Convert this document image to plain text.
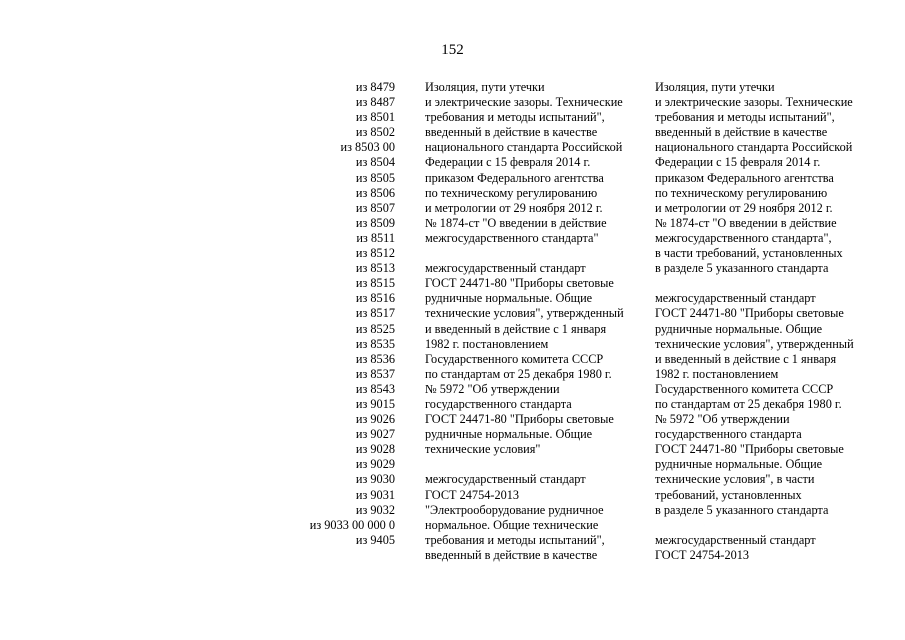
152
из 8479
из 8487
из 8501
из 8502
из 8503 00
из 8504
из 8505
из 8506
из 8507
из 8509
из 8511
из 8512
из 8513
из 8515
из 8516
из 8517
из 8525
из 8535
из 8536
из 8537
из 8543
из 9015
из 9026
из 9027
из 9028
из 9029
из 9030
из 9031
из 9032
из 9033 00 000 0
из 9405
Изоляция, пути утечки
и электрические зазоры. Технические
требования и методы испытаний",
введенный в действие в качестве
национального стандарта Российской
Федерации с 15 февраля 2014 г.
приказом Федерального агентства
по техническому регулированию
и метрологии от 29 ноября 2012 г.
№ 1874-ст "О введении в действие
межгосударственного стандарта"
межгосударственный стандарт
ГОСТ 24471-80 "Приборы световые
рудничные нормальные. Общие
технические условия", утвержденный
и введенный в действие с 1 января
1982 г. постановлением
Государственного комитета СССР
по стандартам от 25 декабря 1980 г.
№ 5972 "Об утверждении
государственного стандарта
ГОСТ 24471-80 "Приборы световые
рудничные нормальные. Общие
технические условия"
межгосударственный стандарт
ГОСТ 24754-2013
"Электрооборудование рудничное
нормальное. Общие технические
требования и методы испытаний",
введенный в действие в качестве
Изоляция, пути утечки
и электрические зазоры. Технические
требования и методы испытаний",
введенный в действие в качестве
национального стандарта Российской
Федерации с 15 февраля 2014 г.
приказом Федерального агентства
по техническому регулированию
и метрологии от 29 ноября 2012 г.
№ 1874-ст "О введении в действие
межгосударственного стандарта",
в части требований, установленных
в разделе 5 указанного стандарта
межгосударственный стандарт
ГОСТ 24471-80 "Приборы световые
рудничные нормальные. Общие
технические условия", утвержденный
и введенный в действие с 1 января
1982 г. постановлением
Государственного комитета СССР
по стандартам от 25 декабря 1980 г.
№ 5972 "Об утверждении
государственного стандарта
ГОСТ 24471-80 "Приборы световые
рудничные нормальные. Общие
технические условия", в части
требований, установленных
в разделе 5 указанного стандарта
межгосударственный стандарт
ГОСТ 24754-2013
